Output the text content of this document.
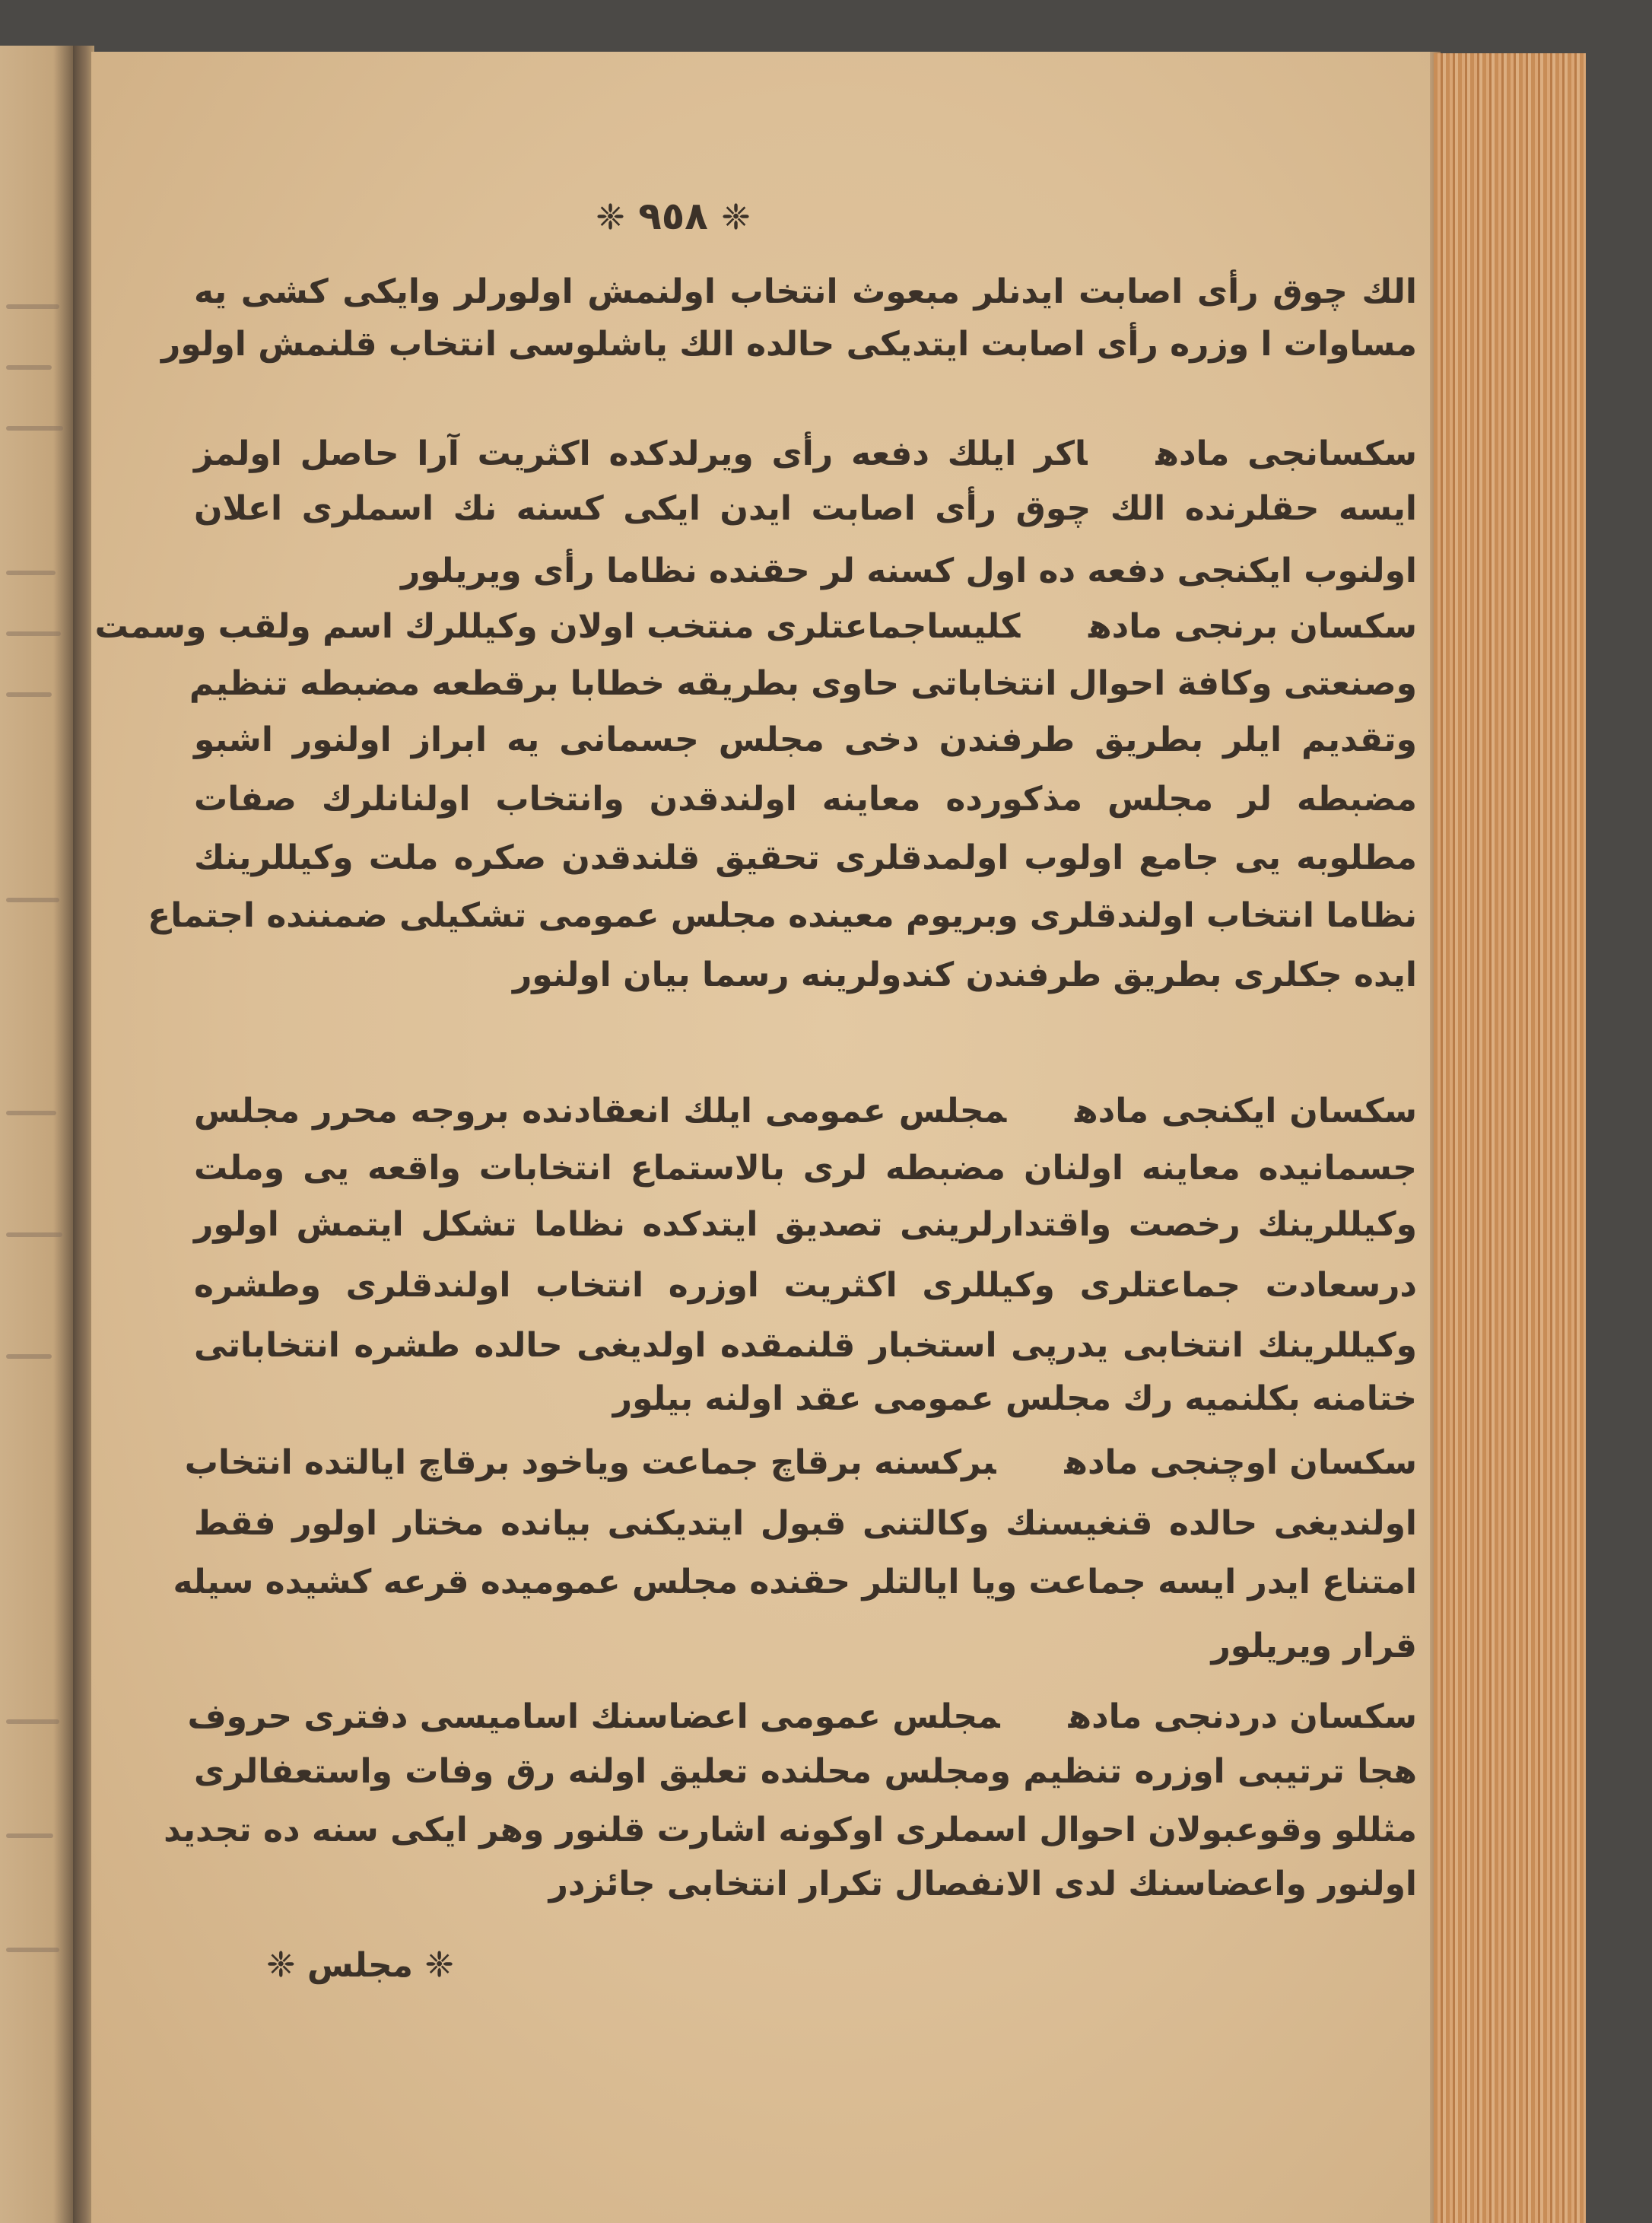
❈ ٩٥٨ ❈
الك چوق رأى اصابت ايدنلر مبعوث انتخاب اولنمش اولورلر وايكى كشى يه
مساوات ا وزره رأى اصابت ايتديكى حالده الك ياشلوسى انتخاب قلنمش اولور
سكسانجى مادهاكر ايلك دفعه رأى ويرلدكده اكثريت آرا حاصل اولمز
ايسه حقلرنده الك چوق رأى اصابت ايدن ايكى كسنه نك اسملرى اعلان
اولنوب ايكنجى دفعه ده اول كسنه لر حقنده نظاما رأى ويريلور
سكسان برنجى مادهكليساجماعتلرى منتخب اولان وكيللرك اسم ولقب وسمت
وصنعتى وكافة احوال انتخاباتى حاوى بطريقه خطابا برقطعه مضبطه تنظيم
وتقديم ايلر بطريق طرفندن دخى مجلس جسمانى يه ابراز اولنور اشبو
مضبطه لر مجلس مذكورده معاينه اولندقدن وانتخاب اولنانلرك صفات
مطلوبه يى جامع اولوب اولمدقلرى تحقيق قلندقدن صكره ملت وكيللرينك
نظاما انتخاب اولندقلرى وبريوم معينده مجلس عمومى تشكيلى ضمننده اجتماع
ايده جكلرى بطريق طرفندن كندولرينه رسما بيان اولنور
سكسان ايكنجى مادهمجلس عمومى ايلك انعقادنده بروجه محرر مجلس
جسمانيده معاينه اولنان مضبطه لرى بالاستماع انتخابات واقعه يى وملت
وكيللرينك رخصت واقتدارلرينى تصديق ايتدكده نظاما تشكل ايتمش اولور
درسعادت جماعتلرى وكيللرى اكثريت اوزره انتخاب اولندقلرى وطشره
وكيللرينك انتخابى يدرپى استخبار قلنمقده اولديغى حالده طشره انتخاباتى
ختامنه بكلنميه رك مجلس عمومى عقد اولنه بيلور
سكسان اوچنجى مادهبركسنه برقاچ جماعت وياخود برقاچ ايالتده انتخاب
اولنديغى حالده قنغيسنك وكالتنى قبول ايتديكنى بيانده مختار اولور فقط
امتناع ايدر ايسه جماعت ويا ايالتلر حقنده مجلس عموميده قرعه كشيده سيله
قرار ويريلور
سكسان دردنجى مادهمجلس عمومى اعضاسنك اساميسى دفترى حروف
هجا ترتيبى اوزره تنظيم ومجلس محلنده تعليق اولنه رق وفات واستعفالرى
مثللو وقوعبولان احوال اسملرى اوكونه اشارت قلنور وهر ايكى سنه ده تجديد
اولنور واعضاسنك لدى الانفصال تكرار انتخابى جائزدر
❈ مجلس ❈
